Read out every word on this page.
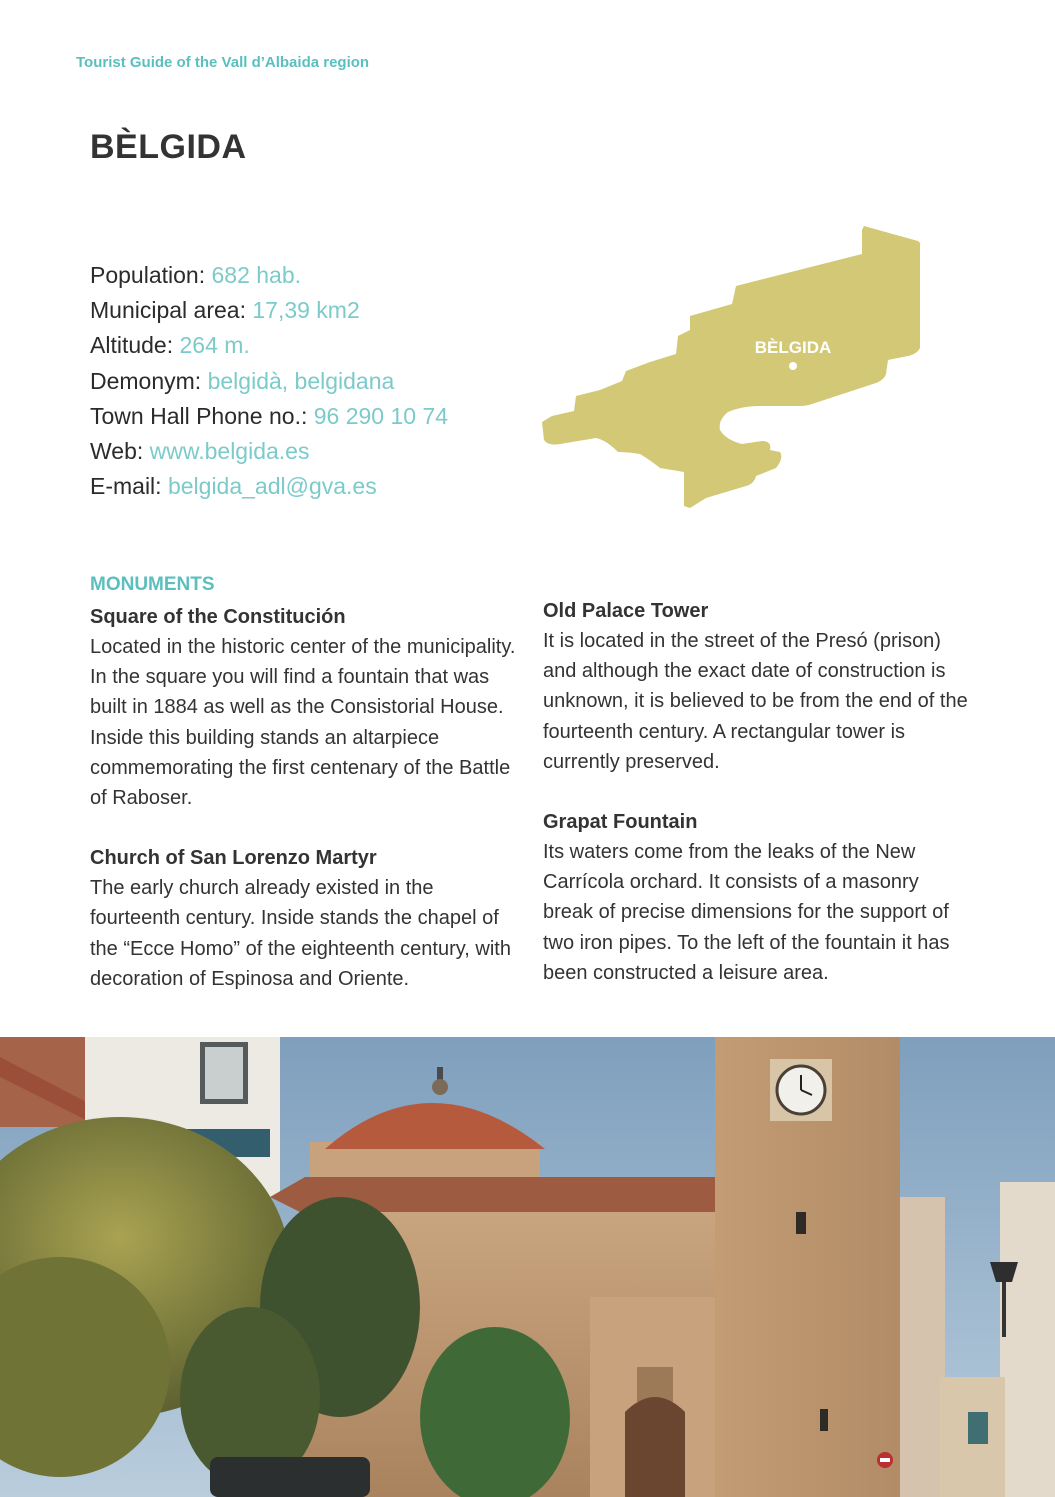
Tourist Guide of the Vall d’Albaida region
BÈLGIDA
Population: 682 hab.
Municipal area: 17,39 km2
Altitude: 264 m.
Demonym: belgidà, belgidana
Town Hall Phone no.: 96 290 10 74
Web: www.belgida.es
E-mail: belgida_adl@gva.es
BÈLGIDA
MONUMENTS
Square of the Constitución

Located in the historic center of the municipality. In the square you will find a fountain that was built in 1884 as well as the Consistorial House. Inside this building stands an altarpiece commemorating the first centenary of the Battle of Raboser.

Church of San Lorenzo Martyr

The early church already existed in the fourteenth century. Inside stands the chapel of the “Ecce Homo” of the eighteenth century, with decoration of Espinosa and Oriente.

Old Palace Tower

It is located in the street of the Presó (prison) and although the exact date of construction is unknown, it is believed to be from the end of the fourteenth century. A rectangular tower is currently preserved.

Grapat Fountain

Its waters come from the leaks of the New Carrícola orchard. It consists of a masonry break of precise dimensions for the support of two iron pipes. To the left of the fountain it has been constructed a leisure area.
